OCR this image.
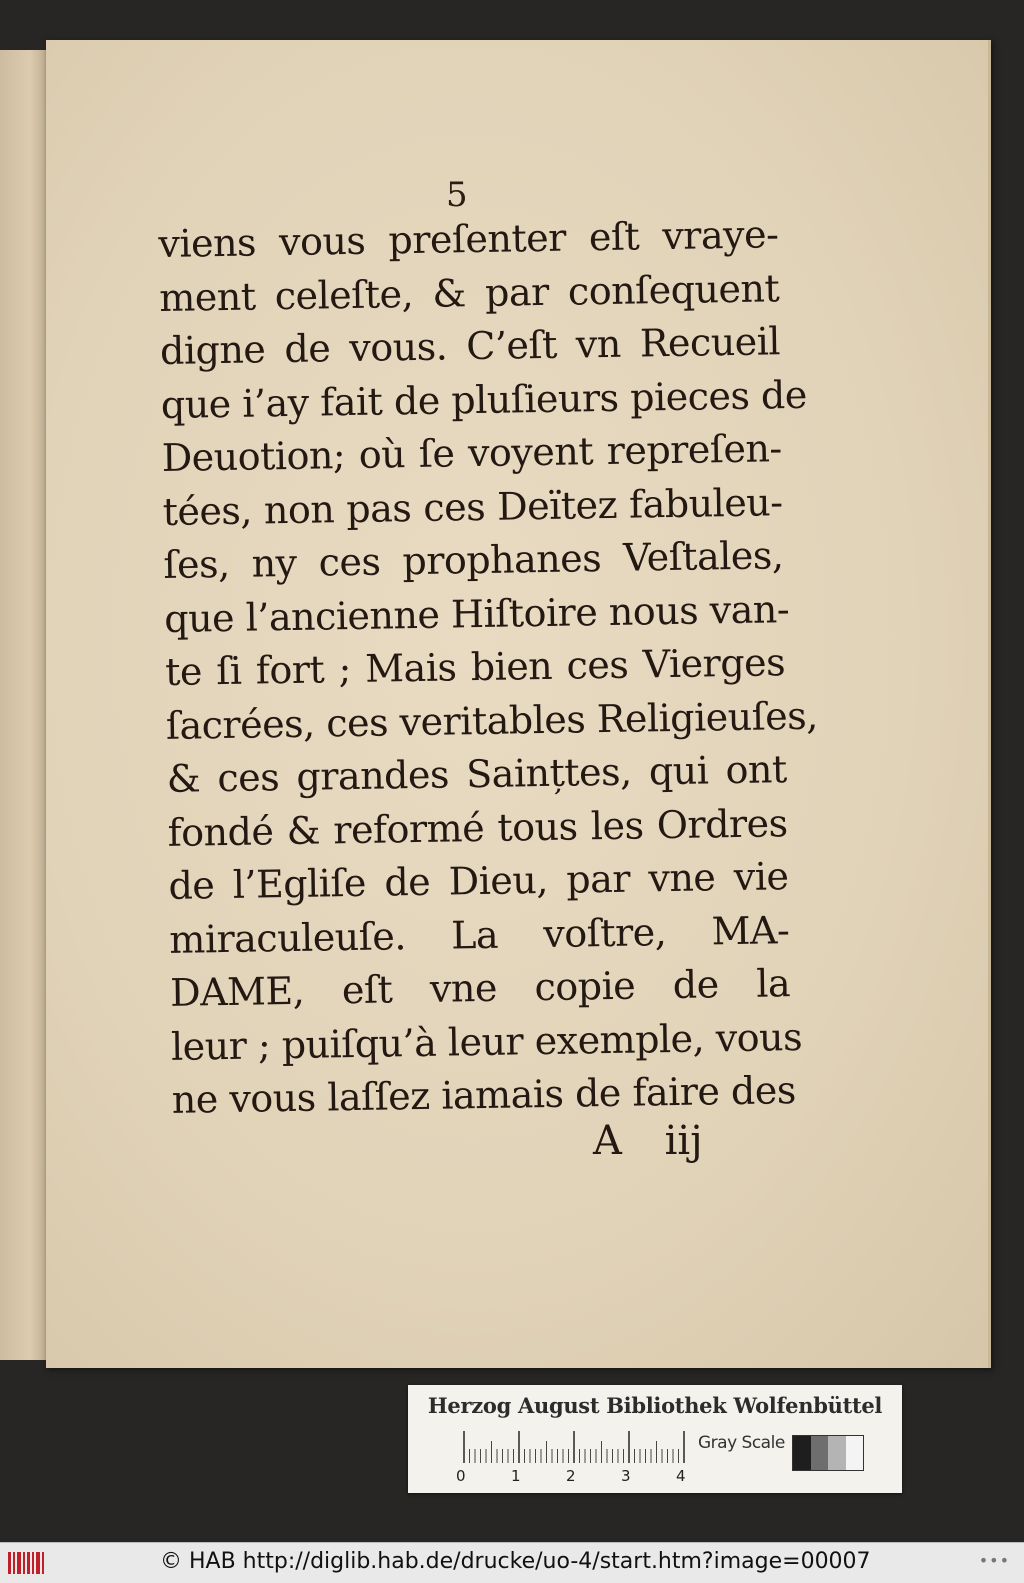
5
viens vous preſenter eſt vraye-
ment celeſte, & par conſequent
digne de vous. C’eſt vn Recueil
que i’ay fait de pluſieurs pieces de
Deuotion; où ſe voyent repreſen-
tées, non pas ces Deïtez fabuleu-
ſes, ny ces prophanes Veſtales,
que l’ancienne Hiſtoire nous van-
te ſi fort ; Mais bien ces Vierges
ſacrées, ces veritables Religieuſes,
& ces grandes Saințtes, qui ont
fondé & reformé tous les Ordres
de l’Egliſe de Dieu, par vne vie
miraculeuſe. La voſtre, MA-
DAME, eſt vne copie de la
leur ; puiſqu’à leur exemple, vous
ne vous laſſez iamais de faire des
A iij
Herzog August Bibliothek Wolfenbüttel
0	1	2	3	4
Gray Scale
© HAB http://diglib.hab.de/drucke/uo-4/start.htm?image=00007	•••
